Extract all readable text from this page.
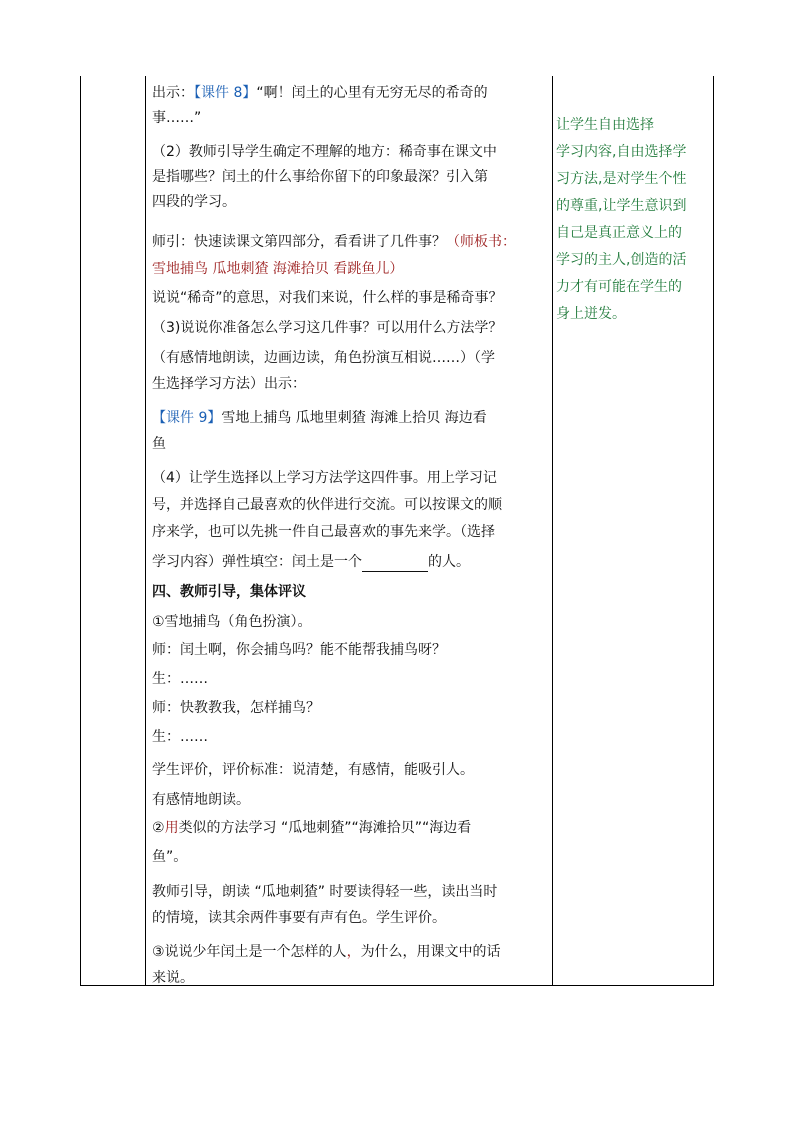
出示：【课件 8】“啊！闰土的心里有无穷无尽的希奇的
事……”
（2）教师引导学生确定不理解的地方：稀奇事在课文中
是指哪些？闰土的什么事给你留下的印象最深？引入第
四段的学习。
师引：快速读课文第四部分，看看讲了几件事？（师板书：
雪地捕鸟 瓜地刺猹 海滩拾贝 看跳鱼儿）
说说“稀奇”的意思，对我们来说，什么样的事是稀奇事？
（3)说说你准备怎么学习这几件事？可以用什么方法学？
（有感情地朗读，边画边读，角色扮演互相说……）（学
生选择学习方法）出示：
【课件 9】雪地上捕鸟 瓜地里刺猹 海滩上拾贝 海边看
鱼
（4）让学生选择以上学习方法学这四件事。用上学习记
号，并选择自己最喜欢的伙伴进行交流。可以按课文的顺
序来学，也可以先挑一件自己最喜欢的事先来学。（选择
学习内容）弹性填空：闰土是一个	的人。
四、教师引导，集体评议
①雪地捕鸟（角色扮演）。
师：闰土啊，你会捕鸟吗？能不能帮我捕鸟呀？
生：……
师：快教教我，怎样捕鸟？
生：……
学生评价，评价标准：说清楚，有感情，能吸引人。
有感情地朗读。
②用类似的方法学习 “瓜地刺猹”“海滩拾贝”“海边看
鱼”。
教师引导，朗读 “瓜地刺猹” 时要读得轻一些，读出当时
的情境，读其余两件事要有声有色。学生评价。
③说说少年闰土是一个怎样的人，为什么，用课文中的话
来说。
让学生自由选择
学习内容,自由选择学
习方法,是对学生个性
的尊重,让学生意识到
自己是真正意义上的
学习的主人,创造的活
力才有可能在学生的
身上迸发。
